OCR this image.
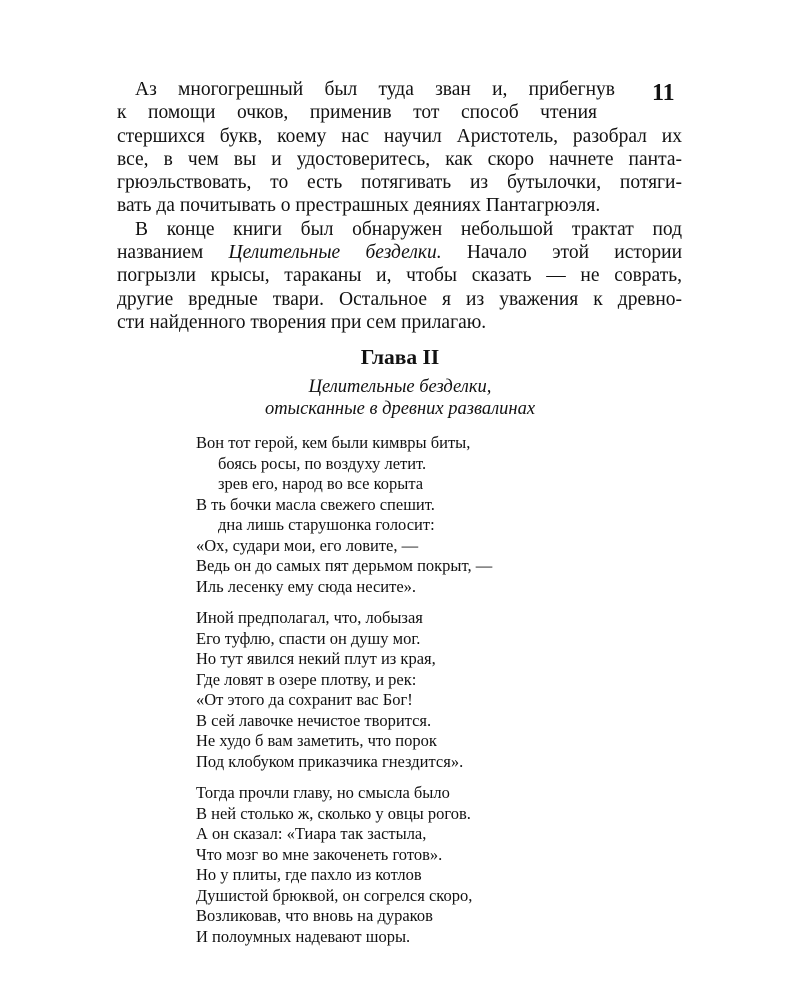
11
Аз многогрешный был туда зван и, прибегнув
к помощи очков, применив тот способ чтения
стершихся букв, коему нас научил Аристотель, разобрал их
все, в чем вы и удостоверитесь, как скоро начнете панта-
грюэльствовать, то есть потягивать из бутылочки, потяги-
вать да почитывать о престрашных деяниях Пантагрюэля.
В конце книги был обнаружен небольшой трактат под
названием Целительные безделки. Начало этой истории
погрызли крысы, тараканы и, чтобы сказать — не соврать,
другие вредные твари. Остальное я из уважения к древно-
сти найденного творения при сем прилагаю.
Глава II
Целительные безделки,
отысканные в древних развалинах
Вон тот герой, кем были кимвры биты,
боясь росы, по воздуху летит.
зрев его, народ во все корыта
В ть бочки масла свежего спешит.
дна лишь старушонка голосит:
«Ох, судари мои, его ловите, —
Ведь он до самых пят дерьмом покрыт, —
Иль лесенку ему сюда несите».
Иной предполагал, что, лобызая
Его туфлю, спасти он душу мог.
Но тут явился некий плут из края,
Где ловят в озере плотву, и рек:
«От этого да сохранит вас Бог!
В сей лавочке нечистое творится.
Не худо б вам заметить, что порок
Под клобуком приказчика гнездится».
Тогда прочли главу, но смысла было
В ней столько ж, сколько у овцы рогов.
А он сказал: «Тиара так застыла,
Что мозг во мне закоченеть готов».
Но у плиты, где пахло из котлов
Душистой брюквой, он согрелся скоро,
Возликовав, что вновь на дураков
И полоумных надевают шоры.
